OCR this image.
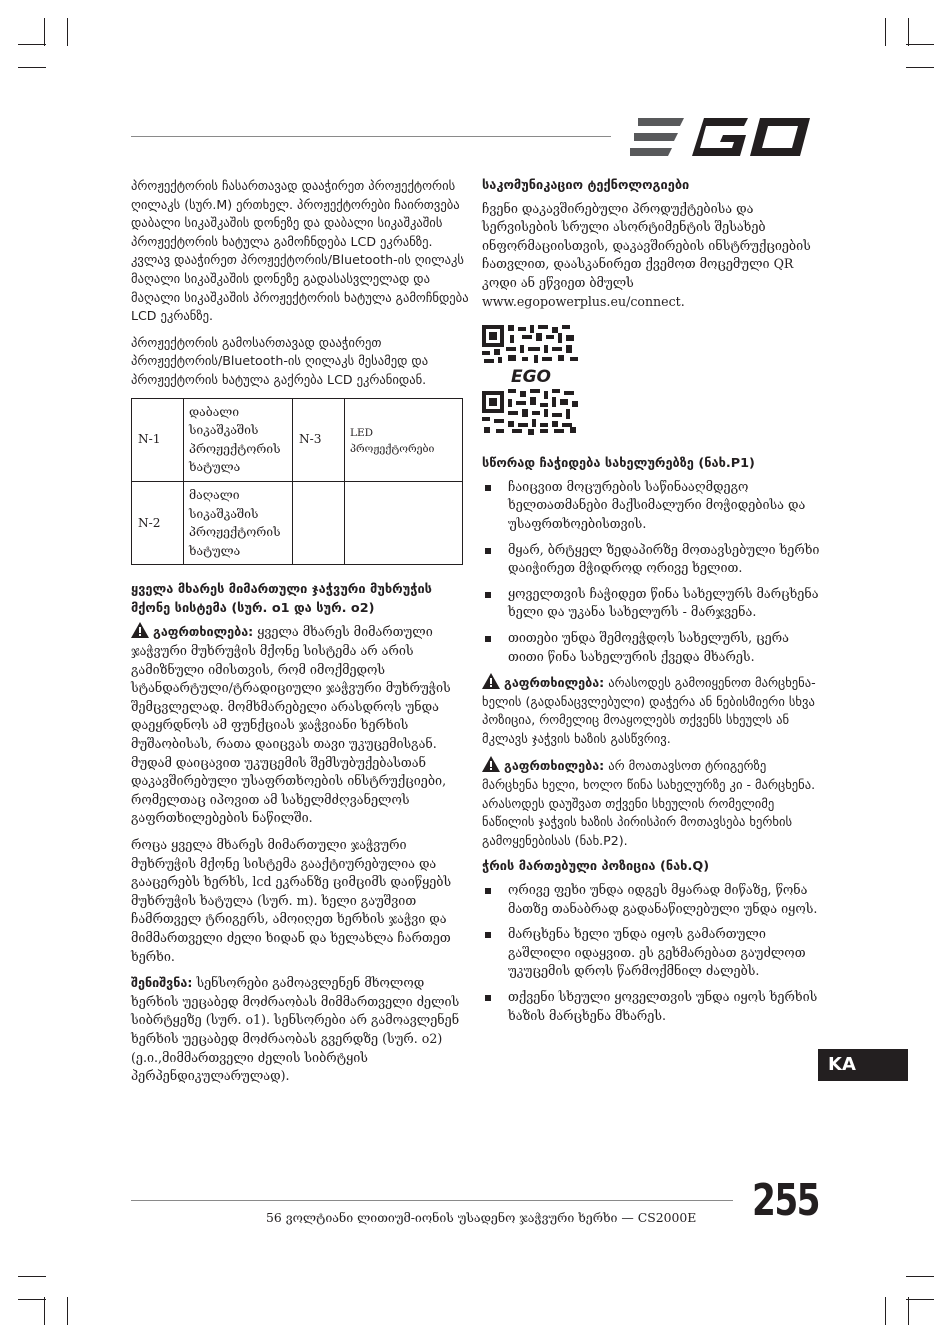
პროჟექტორის ჩასართავად დააჭირეთ პროჟექტორის ღილაკს (სურ.M) ერთხელ. პროჟექტორები ჩაირთვება დაბალი სიკაშკაშის დონეზე და დაბალი სიკაშკაშის პროჟექტორის ხატულა გამოჩნდება LCD ეკრანზე. კვლავ დააჭირეთ პროჟექტორის/Bluetooth-ის ღილაკს მაღალი სიკაშკაშის დონეზე გადასასვლელად და მაღალი სიკაშკაშის პროჟექტორის ხატულა გამოჩნდება LCD ეკრანზე.

პროჟექტორის გამოსართავად დააჭირეთ პროჟექტორის/Bluetooth-ის ღილაკს მესამედ და პროჟექტორის ხატულა გაქრება LCD ეკრანიდან.

N-1	დაბალი სიკაშკაშის პროჟექტორის ხატულა	N-3	LED
პროჟექტორები
N-2	მაღალი სიკაშკაშის პროჟექტორის ხატულა		
ყველა მხარეს მიმართული ჯაჭვური მუხრუჭის მქონე სისტემა (სურ. o1 და სურ. o2)

გაფრთხილება: ყველა მხარეს მიმართული ჯაჭვური მუხრუჭის მქონე სისტემა არ არის გამიზნული იმისთვის, რომ იმოქმედოს სტანდარტული/ტრადიციული ჯაჭვური მუხრუჭის შემცვლელად. მომხმარებელი არასდროს უნდა დაეყრდნოს ამ ფუნქციას ჯაჭვიანი ხერხის მუშაობისას, რათა დაიცვას თავი უკუცემისგან. მუდამ დაიცავით უკუცემის შემსუბუქებასთან დაკავშირებული უსაფრთხოების ინსტრუქციები, რომელთაც იპოვით ამ სახელმძღვანელოს გაფრთხილებების ნაწილში.

როცა ყველა მხარეს მიმართული ჯაჭვური მუხრუჭის მქონე სისტემა გააქტიურებულია და გააცერებს ხერხს, lcd ეკრანზე ციმციმს დაიწყებს მუხრუჭის ხატულა (სურ. m). ხელი გაუშვით ჩამრთველ ტრიგერს, ამოიღეთ ხერხის ჯაჭვი და მიმმართველი ძელი ხიდან და ხელახლა ჩართეთ ხერხი.

შენიშვნა: სენსორები გამოავლენენ მხოლოდ ხერხის უეცაბედ მოძრაობას მიმმართველი ძელის სიბრტყეზე (სურ. o1). სენსორები არ გამოავლენენ ხერხის უეცაბედ მოძრაობას გვერდზე (სურ. o2) (ე.ი.,მიმმართველი ძელის სიბრტყის პერპენდიკულარულად).

საკომუნიკაციო ტექნოლოგიები

ჩვენი დაკავშირებული პროდუქტებისა და სერვისების სრული ასორტიმენტის შესახებ ინფორმაციისთვის, დაკავშირების ინსტრუქციების ჩათვლით, დაასკანირეთ ქვემოთ მოცემული QR კოდი ან ეწვიეთ ბმულს www.egopowerplus.eu/connect.

EGO
სწორად ჩაჭიდება სახელურებზე (ნახ.P1)
ჩაიცვით მოცურების საწინააღმდეგო ხელთათმანები მაქსიმალური მოჭიდებისა და უსაფრთხოებისთვის.
მყარ, ბრტყელ ზედაპირზე მოთავსებული ხერხი დაიჭირეთ მჭიდროდ ორივე ხელით.
ყოველთვის ჩაჭიდეთ წინა სახელურს მარცხენა ხელი და უკანა სახელურს - მარჯვენა.
თითები უნდა შემოეჭდოს სახელურს, ცერა თითი წინა სახელურის ქვედა მხარეს.

გაფრთხილება: არასოდეს გამოიყენოთ მარცხენა-ხელის (გადანაცვლებული) დაჭერა ან ნებისმიერი სხვა პოზიცია, რომელიც მოაყოლებს თქვენს სხეულს ან მკლავს ჯაჭვის ხაზის გასწვრივ.

გაფრთხილება: არ მოათავსოთ ტრიგერზე მარცხენა ხელი, ხოლო წინა სახელურზე კი - მარცხენა. არასოდეს დაუშვათ თქვენი სხეულის რომელიმე ნაწილის ჯაჭვის ხაზის პირისპირ მოთავსება ხერხის გამოყენებისას (ნახ.P2).

ჭრის მართებული პოზიცია (ნახ.Q)
ორივე ფეხი უნდა იდგეს მყარად მიწაზე, წონა მათზე თანაბრად გადანაწილებული უნდა იყოს.
მარცხენა ხელი უნდა იყოს გამართული გაშლილი იდაყვით. ეს გეხმარებათ გაუძლოთ უკუცემის დროს წარმოქმნილ ძალებს.
თქვენი სხეული ყოველთვის უნდა იყოს ხერხის ხაზის მარცხენა მხარეს.
KA
56 ვოლტიანი ლითიუმ-იონის უსადენო ჯაჭვური ხერხი — CS2000E 255
